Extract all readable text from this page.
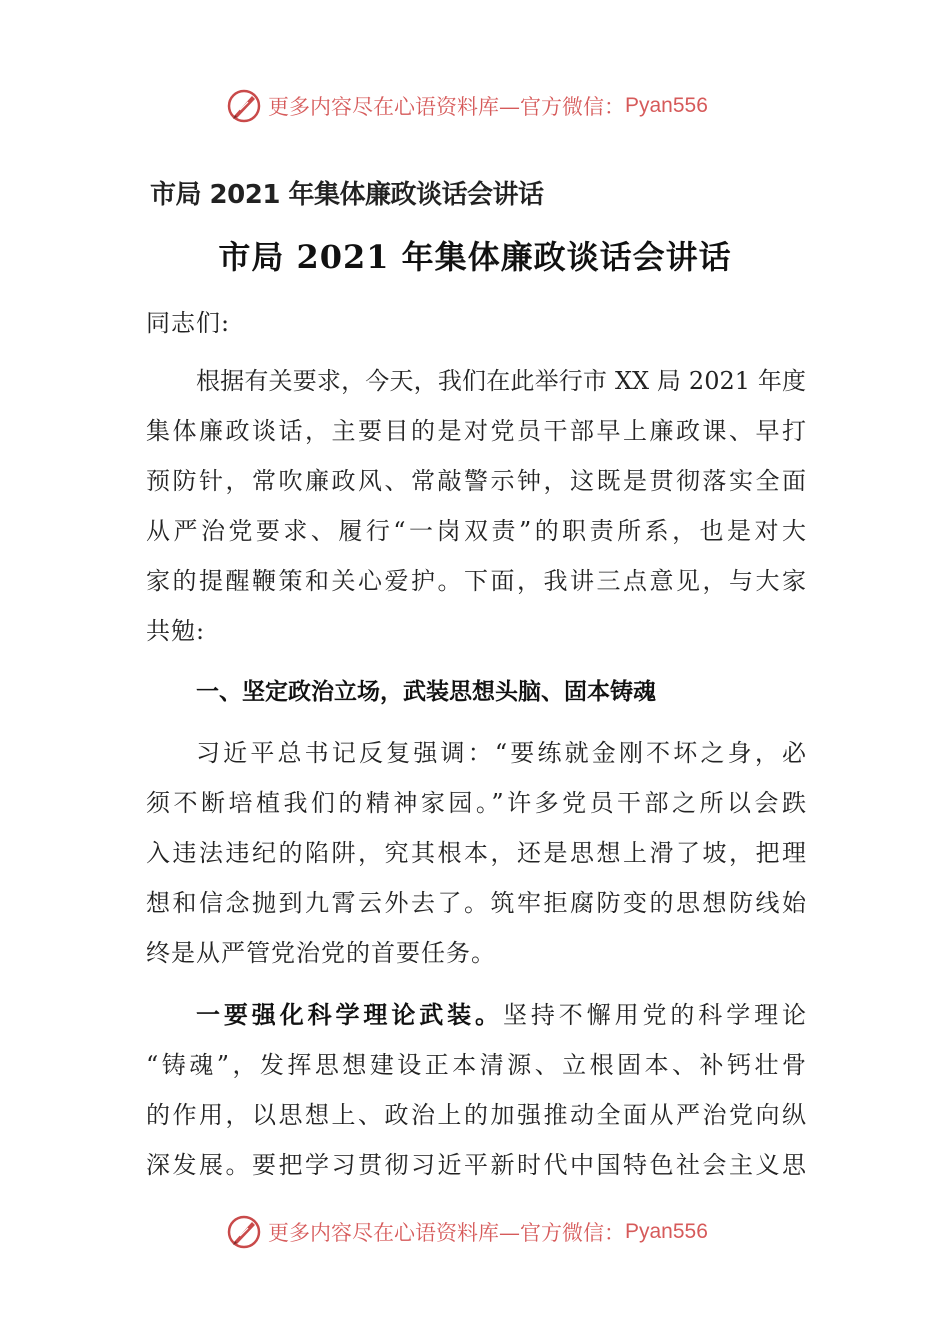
更多内容尽在心语资料库—官方微信： Pyan556
市局 2021 年集体廉政谈话会讲话
市局 2021 年集体廉政谈话会讲话
同志们:
根据有关要求，今天，我们在此举行市 XX 局 2021 年度
集体廉政谈话，主要目的是对党员干部早上廉政课、早打
预防针，常吹廉政风、常敲警示钟，这既是贯彻落实全面
从严治党要求、履行“一岗双责”的职责所系，也是对大
家的提醒鞭策和关心爱护。下面，我讲三点意见，与大家
共勉:
一、坚定政治立场，武装思想头脑、固本铸魂
习近平总书记反复强调：“要练就金刚不坏之身，必
须不断培植我们的精神家园。”许多党员干部之所以会跌
入违法违纪的陷阱，究其根本，还是思想上滑了坡，把理
想和信念抛到九霄云外去了。筑牢拒腐防变的思想防线始
终是从严管党治党的首要任务。
一要强化科学理论武装。坚持不懈用党的科学理论
“铸魂”，发挥思想建设正本清源、立根固本、补钙壮骨
的作用，以思想上、政治上的加强推动全面从严治党向纵
深发展。要把学习贯彻习近平新时代中国特色社会主义思
更多内容尽在心语资料库—官方微信： Pyan556
